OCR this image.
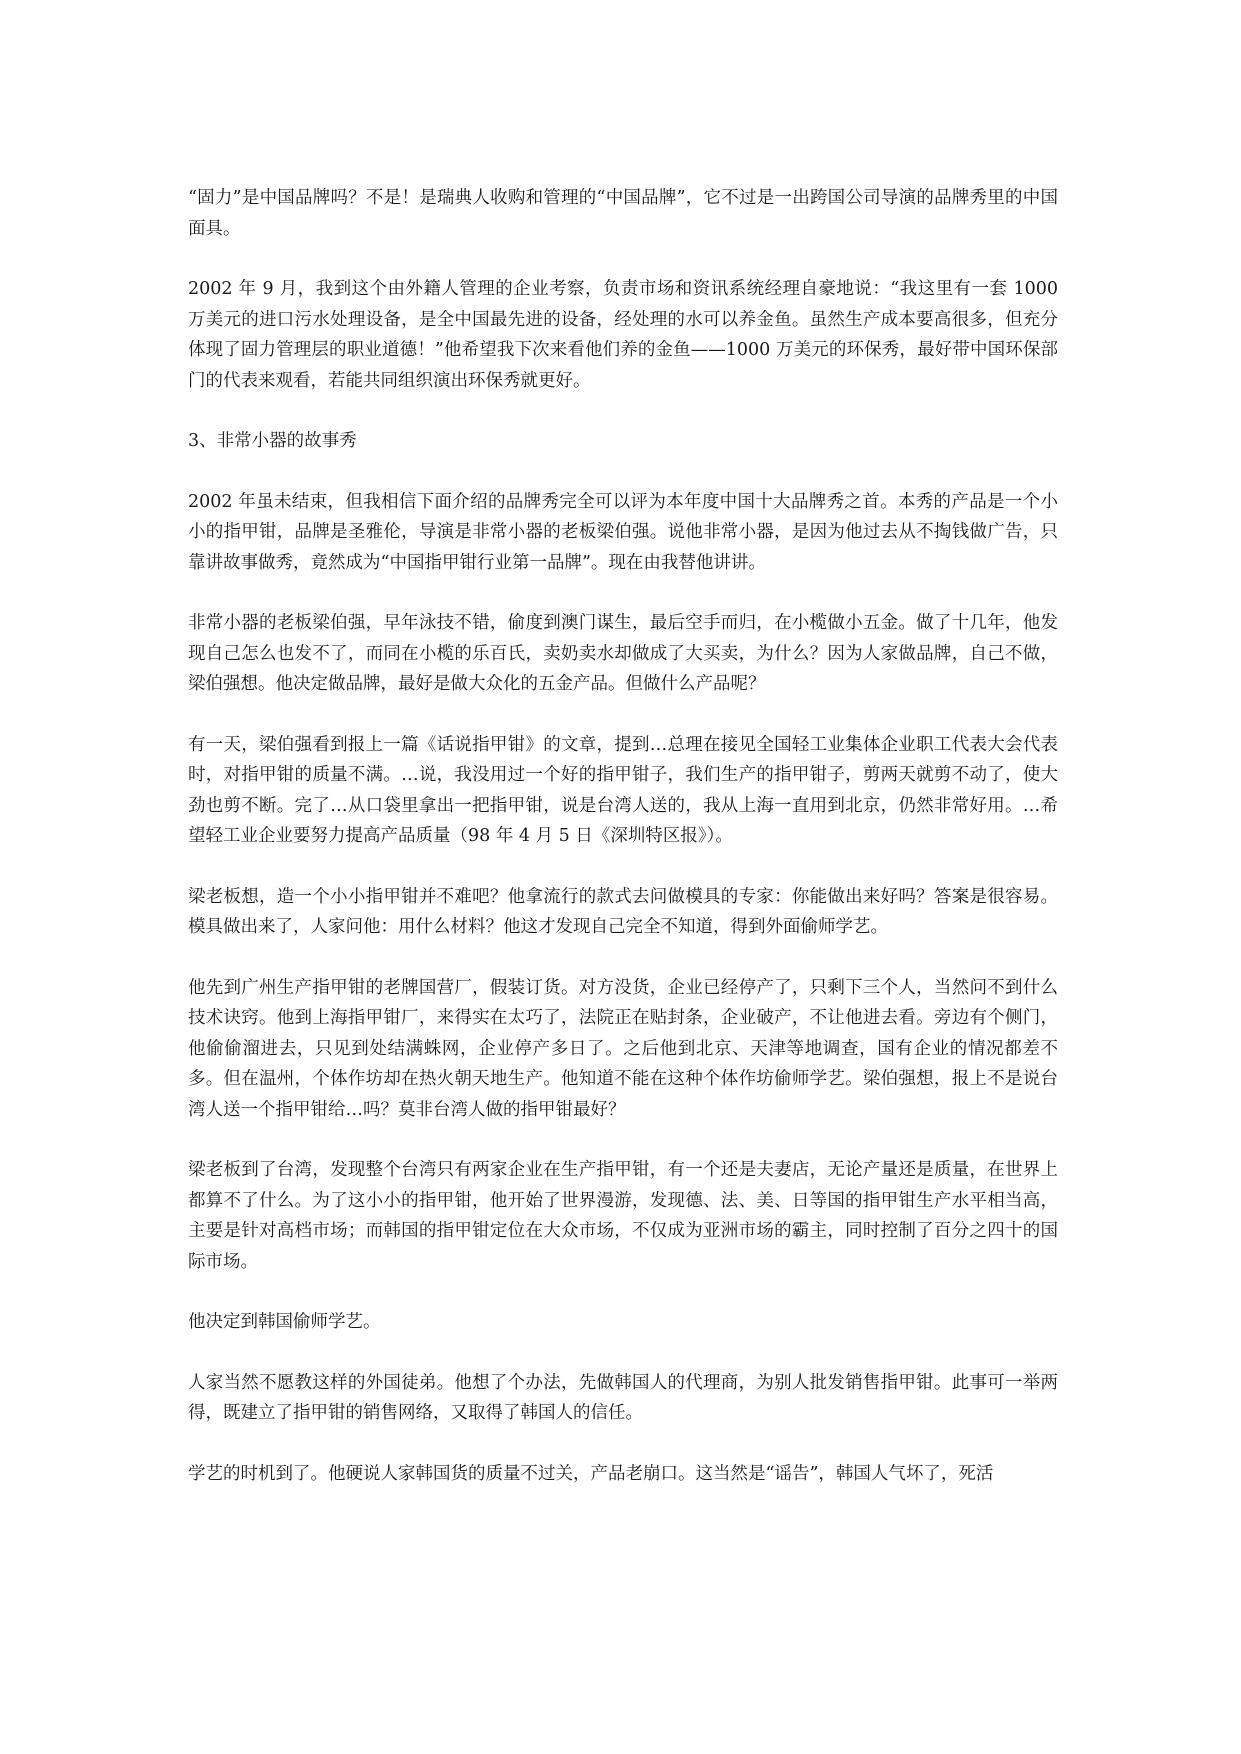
“固力”是中国品牌吗？不是！是瑞典人收购和管理的“中国品牌”，它不过是一出跨国公司导演的品牌秀里的中国面具。

2002 年 9 月，我到这个由外籍人管理的企业考察，负责市场和资讯系统经理自豪地说：“我这里有一套 1000 万美元的进口污水处理设备，是全中国最先进的设备，经处理的水可以养金鱼。虽然生产成本要高很多，但充分体现了固力管理层的职业道德！”他希望我下次来看他们养的金鱼——1000 万美元的环保秀，最好带中国环保部门的代表来观看，若能共同组织演出环保秀就更好。

3、非常小器的故事秀

2002 年虽未结束，但我相信下面介绍的品牌秀完全可以评为本年度中国十大品牌秀之首。本秀的产品是一个小小的指甲钳，品牌是圣雅伦，导演是非常小器的老板梁伯强。说他非常小器，是因为他过去从不掏钱做广告，只靠讲故事做秀，竟然成为“中国指甲钳行业第一品牌”。现在由我替他讲讲。

非常小器的老板梁伯强，早年泳技不错，偷度到澳门谋生，最后空手而归，在小榄做小五金。做了十几年，他发现自己怎么也发不了，而同在小榄的乐百氏，卖奶卖水却做成了大买卖，为什么？因为人家做品牌，自己不做，梁伯强想。他决定做品牌，最好是做大众化的五金产品。但做什么产品呢？

有一天，梁伯强看到报上一篇《话说指甲钳》的文章，提到…总理在接见全国轻工业集体企业职工代表大会代表时，对指甲钳的质量不满。…说，我没用过一个好的指甲钳子，我们生产的指甲钳子，剪两天就剪不动了，使大劲也剪不断。完了…从口袋里拿出一把指甲钳，说是台湾人送的，我从上海一直用到北京，仍然非常好用。…希望轻工业企业要努力提高产品质量（98 年 4 月 5 日《深圳特区报》）。

梁老板想，造一个小小指甲钳并不难吧？他拿流行的款式去问做模具的专家：你能做出来好吗？答案是很容易。模具做出来了，人家问他：用什么材料？他这才发现自己完全不知道，得到外面偷师学艺。

他先到广州生产指甲钳的老牌国营厂，假装订货。对方没货，企业已经停产了，只剩下三个人，当然问不到什么技术诀窍。他到上海指甲钳厂，来得实在太巧了，法院正在贴封条，企业破产，不让他进去看。旁边有个侧门，他偷偷溜进去，只见到处结满蛛网，企业停产多日了。之后他到北京、天津等地调查，国有企业的情况都差不多。但在温州，个体作坊却在热火朝天地生产。他知道不能在这种个体作坊偷师学艺。梁伯强想，报上不是说台湾人送一个指甲钳给…吗？莫非台湾人做的指甲钳最好？

梁老板到了台湾，发现整个台湾只有两家企业在生产指甲钳，有一个还是夫妻店，无论产量还是质量，在世界上都算不了什么。为了这小小的指甲钳，他开始了世界漫游，发现德、法、美、日等国的指甲钳生产水平相当高，主要是针对高档市场；而韩国的指甲钳定位在大众市场，不仅成为亚洲市场的霸主，同时控制了百分之四十的国际市场。

他决定到韩国偷师学艺。

人家当然不愿教这样的外国徒弟。他想了个办法，先做韩国人的代理商，为别人批发销售指甲钳。此事可一举两得，既建立了指甲钳的销售网络，又取得了韩国人的信任。

学艺的时机到了。他硬说人家韩国货的质量不过关，产品老崩口。这当然是“谣告”，韩国人气坏了，死活
